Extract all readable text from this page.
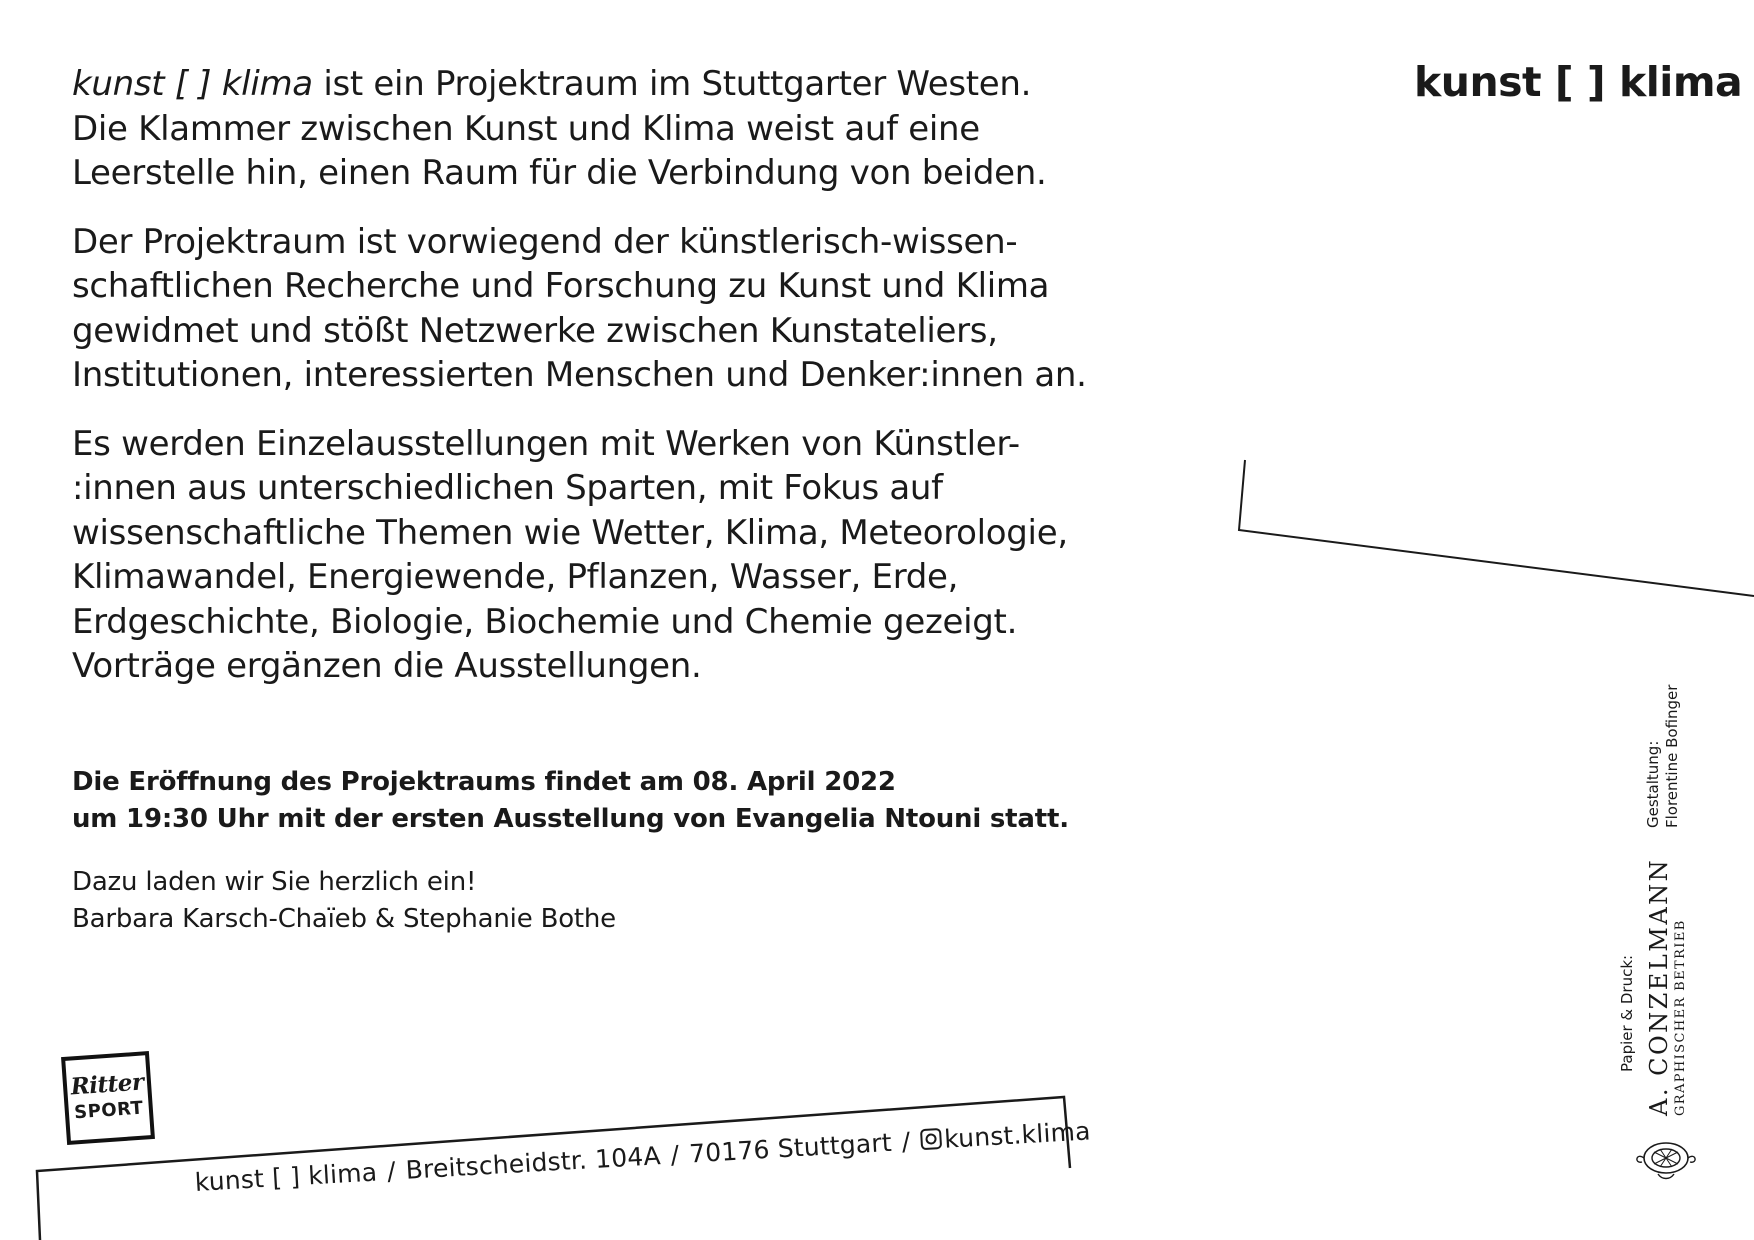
kunst [ ] klima ist ein Projektraum im Stuttgarter Westen.
Die Klammer zwischen Kunst und Klima weist auf eine
Leerstelle hin, einen Raum für die Verbindung von beiden.

Der Projektraum ist vorwiegend der künstlerisch-wissen-
schaftlichen Recherche und Forschung zu Kunst und Klima
gewidmet und stößt Netzwerke zwischen Kunstateliers,
Institutionen, interessierten Menschen und Denker:innen an.

Es werden Einzelausstellungen mit Werken von Künstler-
:innen aus unterschiedlichen Sparten, mit Fokus auf
wissenschaftliche Themen wie Wetter, Klima, Meteorologie,
Klimawandel, Energiewende, Pflanzen, Wasser, Erde,
Erdgeschichte, Biologie, Biochemie und Chemie gezeigt.
Vorträge ergänzen die Ausstellungen.

Die Eröffnung des Projektraums findet am 08. April 2022
um 19:30 Uhr mit der ersten Ausstellung von Evangelia Ntouni statt.
Dazu laden wir Sie herzlich ein!
Barbara Karsch-Chaïeb & Stephanie Bothe
kunst [ ] klima
Gestaltung: Florentine Bofinger
Papier & Druck: A. CONZELMANN GRAPHISCHER BETRIEB
Ritter
SPORT
kunst [ ] klima / Breitscheidstr. 104A / 70176 Stuttgart / kunst.klima
